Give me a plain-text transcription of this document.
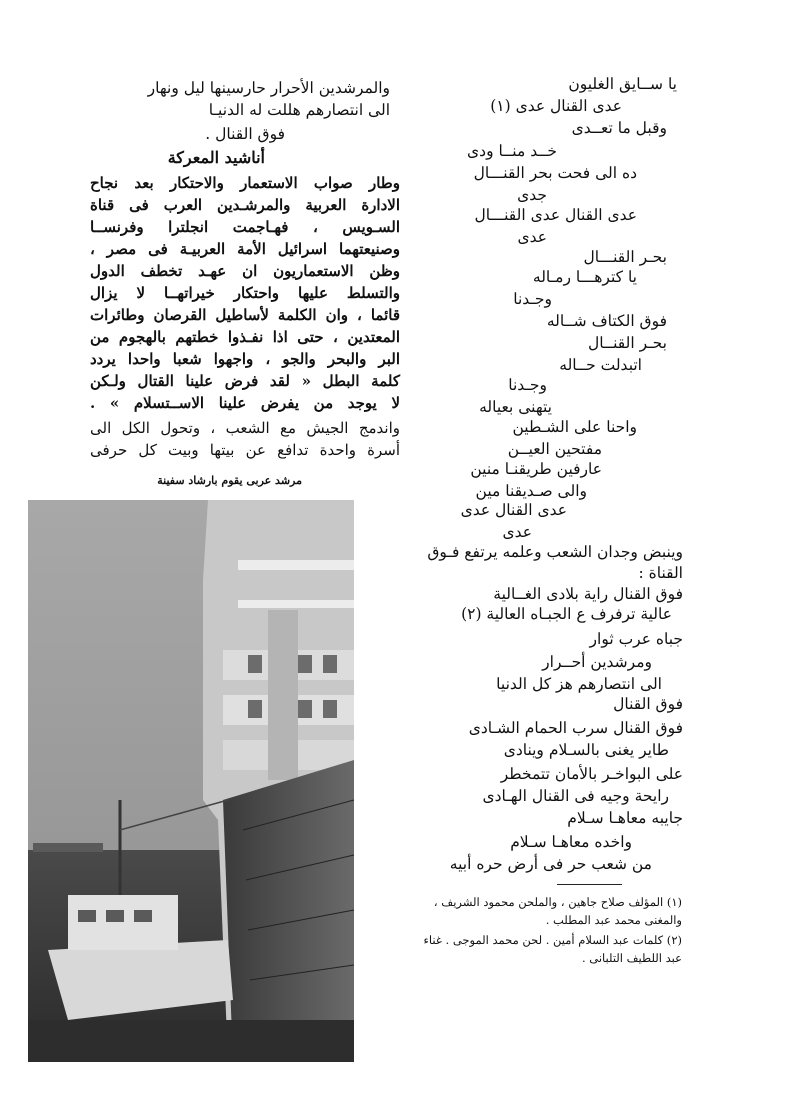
يا ســايق الغليون
عدى القنال عدى (١)
وقبل ما تعــدى
خــد منــا ودى
ده الى فحت بحر القنـــال
جدى
عدى القنال عدى القنـــال
عدى
بحـر القنـــال
يا كترهـــا رمـاله
وجـدنا
فوق الكتاف شــاله
بحـر القنــال
اتبدلت حــاله
وجـدنا
يتهنى بعياله
واحنا على الشـطين
مفتحين العيــن
عارفين طريقنـا منين
والى صـديقنا مين
عدى القنال عدى
عدى
وينبض وجدان الشعب وعلمه يرتفع فـوق
القناة :
فوق القنال راية بلادى الغــالية
عالية ترفرف ع الجبـاه العالية (٢)
جباه عرب ثوار
ومرشدين أحــرار
الى انتصارهم هز كل الدنيا
فوق القنال
فوق القنال سرب الحمام الشـادى
طاير يغنى بالسـلام وينادى
على البواخـر بالأمان تتمخطر
رايحة وجيه فى القنال الهـادى
جايبه معاهـا سـلام
واخده معاهـا سـلام
من شعب حر فى أرض حره أبيه
(١) المؤلف صلاح جاهين ، والملحن محمود الشريف ،
والمغنى محمد عبد المطلب .
(٢) كلمات عبد السلام أمين . لحن محمد الموجى . غناء
عبد اللطيف التلبانى .
والمرشدين الأحرار حارسينها ليل ونهار
الى انتصارهم هللت له الدنيـا
فوق القنال .
أناشيد المعركة
وطار صواب الاستعمار والاحتكار بعد نجاح
الادارة العربية والمرشـدين العرب فى قناة
السـويس ، فهـاجمت انجلترا وفرنســا
وصنيعتهما اسرائيل الأمة العربيـة فى مصر ،
وظن الاستعماريون ان عهـد تخطف الدول
والتسلط عليها واحتكار خيراتهــا لا يزال
قائما ، وان الكلمة لأساطيل القرصان وطائرات
المعتدين ، حتى اذا نفـذوا خطتهم بالهجوم من
البر والبحر والجو ، واجهوا شعبا واحدا يردد
كلمة البطل « لقد فرض علينا القتال ولـكن
لا يوجد من يفرض علينا الاســتسلام » .
واندمج الجيش مع الشعب ، وتحول الكل الى
أسرة واحدة تدافع عن بيتها وبيت كل حرفى
مرشد عربى يقوم بارشاد سفينة
